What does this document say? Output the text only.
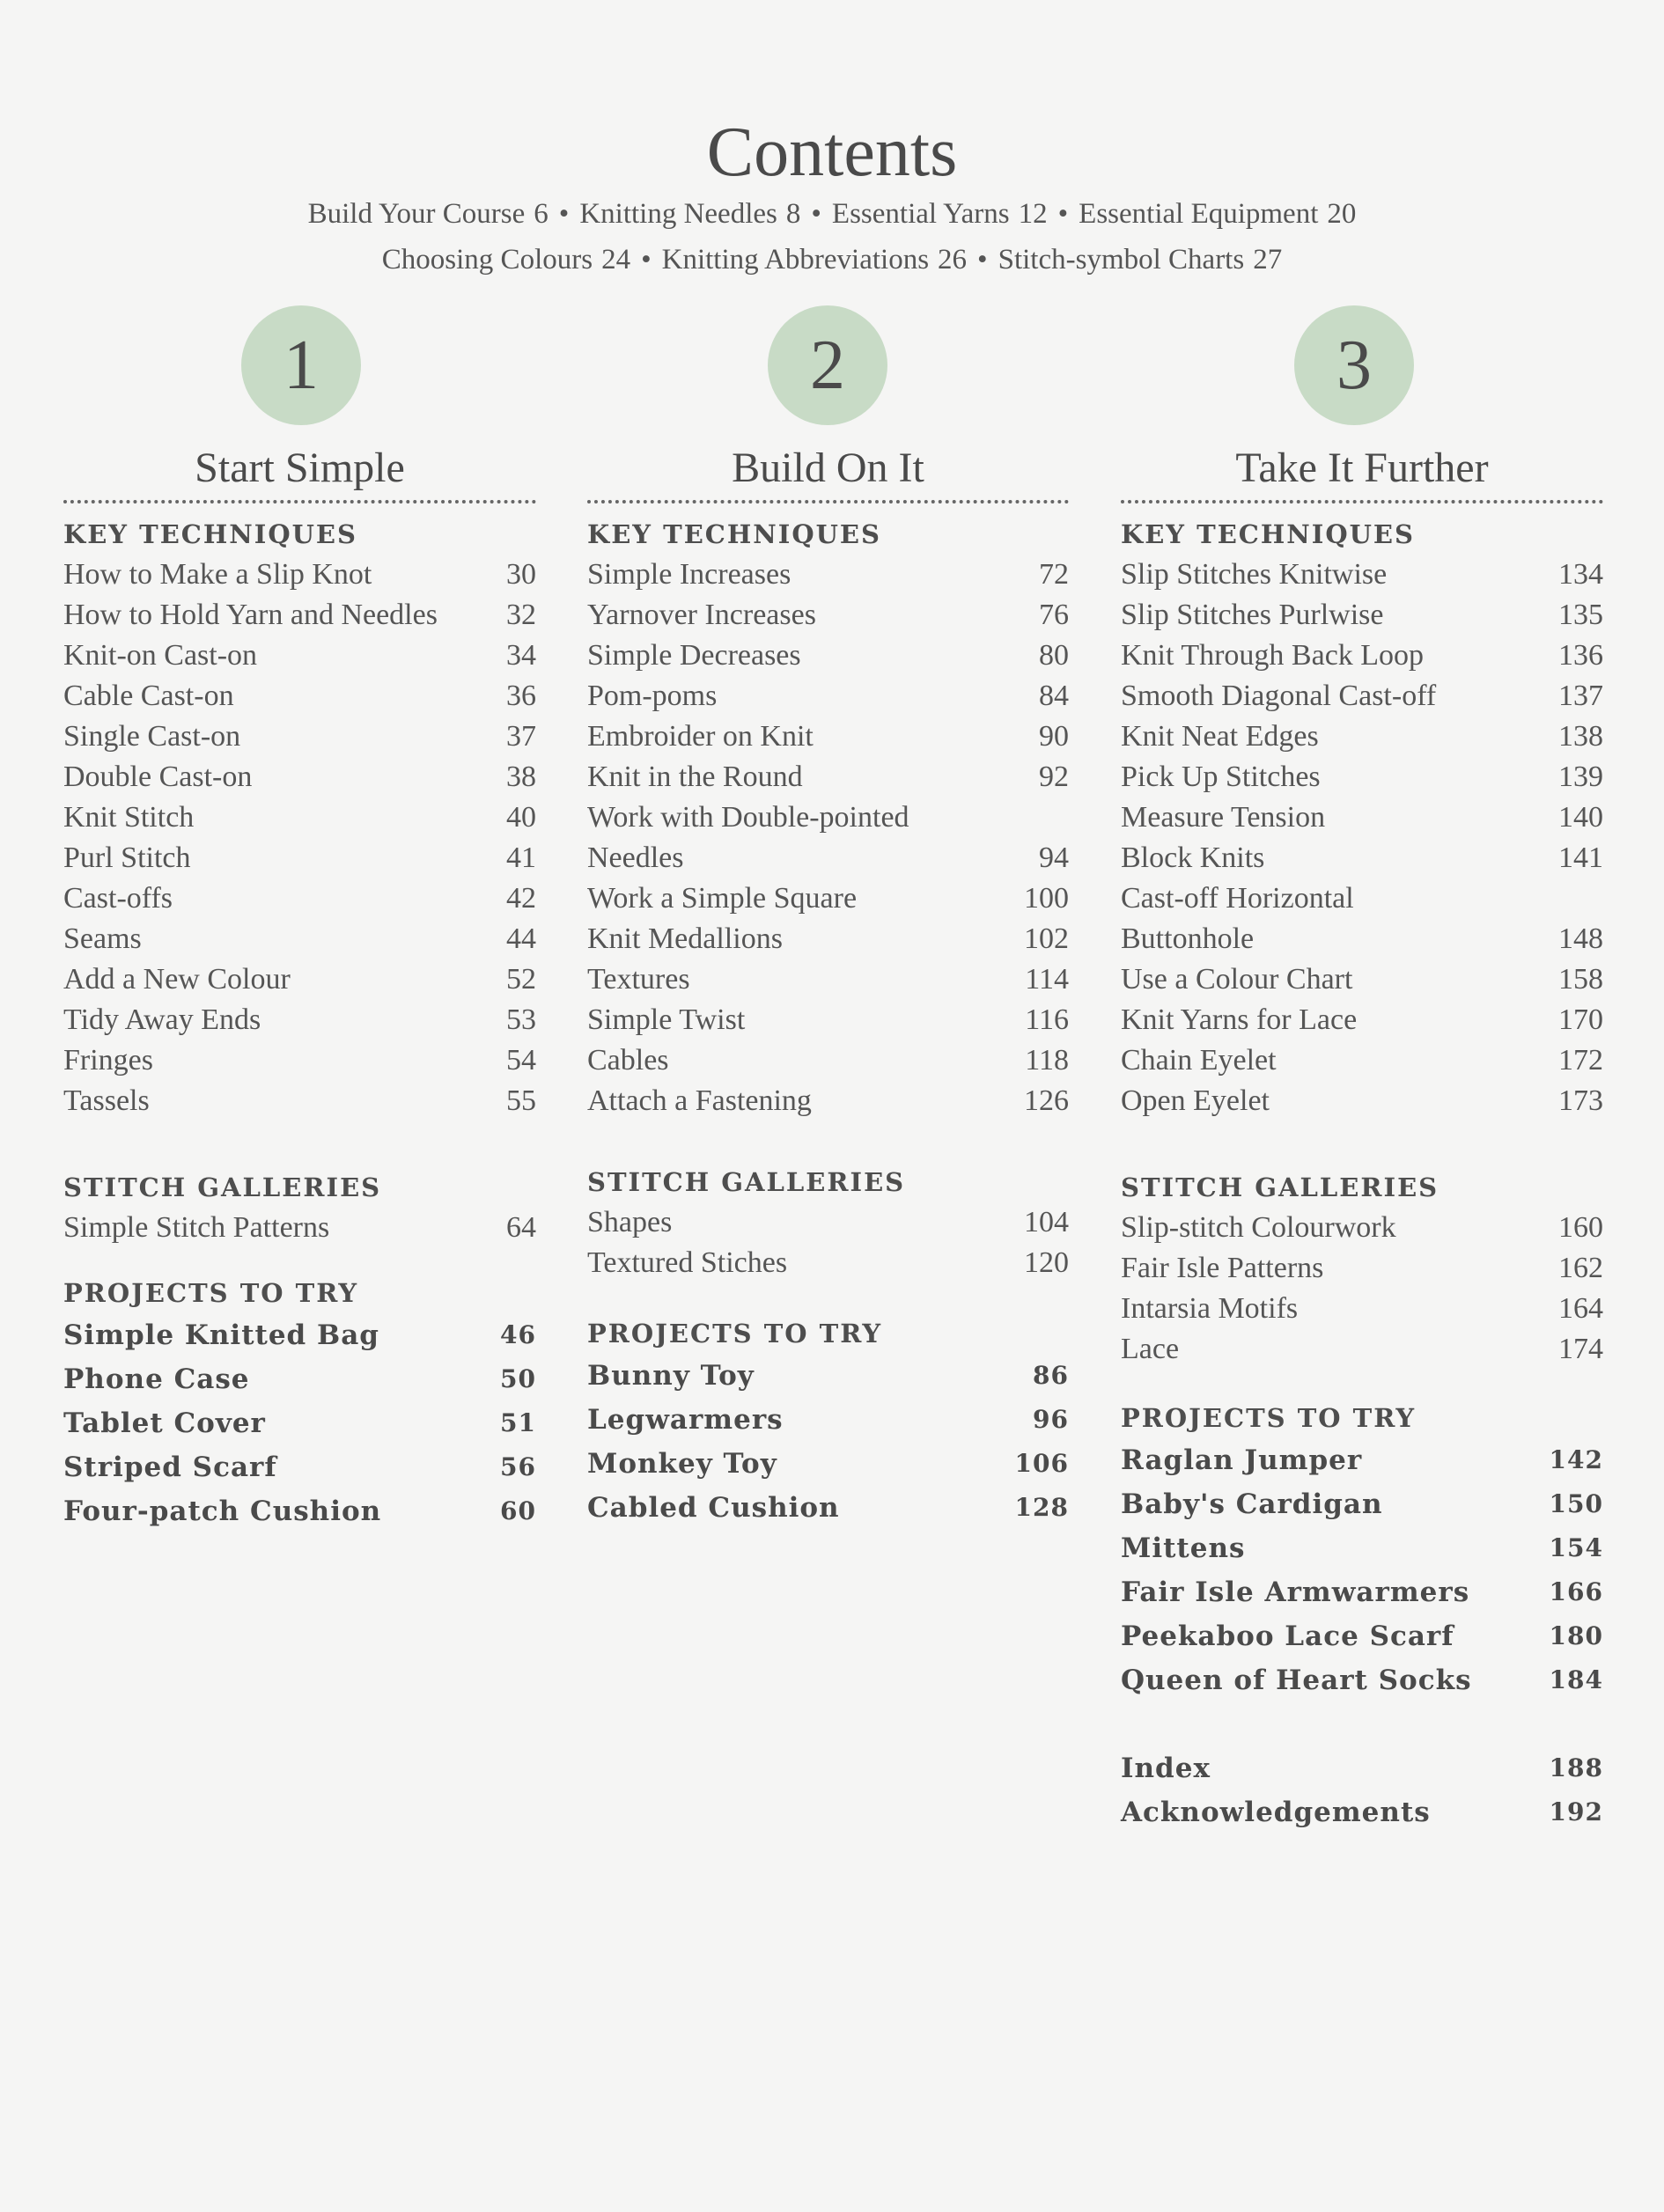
Contents
Build Your Course 6 • Knitting Needles 8 • Essential Yarns 12 • Essential Equipment 20
Choosing Colours 24 • Knitting Abbreviations 26 • Stitch-symbol Charts 27
1	2	3
Start Simple
KEY TECHNIQUES
How to Make a Slip Knot	30
How to Hold Yarn and Needles 32
Knit-on Cast-on	34
Cable Cast-on	36
Single Cast-on	37
Double Cast-on	38
Knit Stitch	40
Purl Stitch	41
Cast-offs	42
Seams	44
Add a New Colour	52
Tidy Away Ends	53
Fringes	54
Tassels	55
STITCH GALLERIES
Simple Stitch Patterns	64
PROJECTS TO TRY
Simple Knitted Bag	46
Phone Case	50
Tablet Cover	51
Striped Scarf	56
Four-patch Cushion	60
Build On It
KEY TECHNIQUES
Simple Increases	72
Yarnover Increases	76
Simple Decreases	80
Pom-poms	84
Embroider on Knit	90
Knit in the Round	92
Work with Double-pointed
Needles	94
Work a Simple Square	100
Knit Medallions	102
Textures	114
Simple Twist	116
Cables	118
Attach a Fastening	126
STITCH GALLERIES
Shapes	104
Textured Stiches	120
PROJECTS TO TRY
Bunny Toy	86
Legwarmers	96
Monkey Toy	106
Cabled Cushion	128
Take It Further
KEY TECHNIQUES
Slip Stitches Knitwise	134
Slip Stitches Purlwise	135
Knit Through Back Loop	136
Smooth Diagonal Cast-off	137
Knit Neat Edges	138
Pick Up Stitches	139
Measure Tension	140
Block Knits	141
Cast-off Horizontal
Buttonhole	148
Use a Colour Chart	158
Knit Yarns for Lace	170
Chain Eyelet	172
Open Eyelet	173
STITCH GALLERIES
Slip-stitch Colourwork	160
Fair Isle Patterns	162
Intarsia Motifs	164
Lace	174
PROJECTS TO TRY
Raglan Jumper	142
Baby's Cardigan	150
Mittens	154
Fair Isle Armwarmers	166
Peekaboo Lace Scarf	180
Queen of Heart Socks	184
Index	188
Acknowledgements	192
